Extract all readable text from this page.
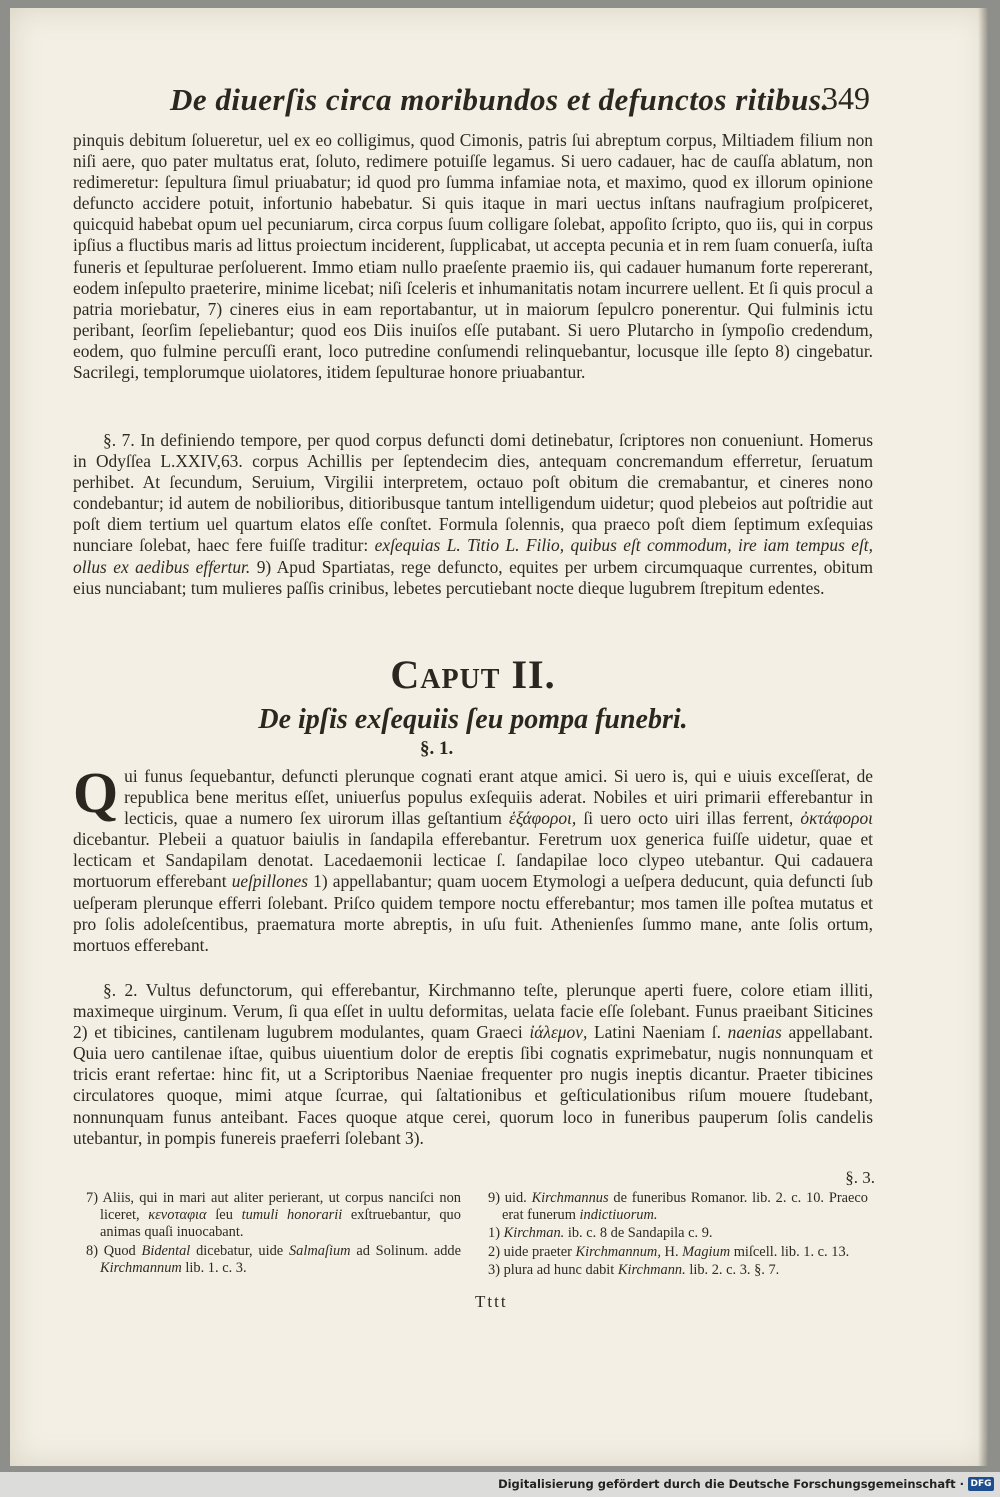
De diuerſis circa moribundos et defunctos ritibus.
349

pinquis debitum ſolueretur, uel ex eo colligimus, quod Cimonis, patris ſui abreptum corpus, Miltiadem filium non niſi aere, quo pater multatus erat, ſoluto, redimere potuiſſe legamus. Si uero cadauer, hac de cauſſa ablatum, non redimeretur: ſepultura ſimul priuabatur; id quod pro ſumma infamiae nota, et maximo, quod ex illorum opinione defuncto accidere potuit, infortunio habebatur. Si quis itaque in mari uectus inſtans naufragium proſpiceret, quicquid habebat opum uel pecuniarum, circa corpus ſuum colligare ſolebat, appoſito ſcripto, quo iis, qui in corpus ipſius a fluctibus maris ad littus proiectum inciderent, ſupplicabat, ut accepta pecunia et in rem ſuam conuerſa, iuſta funeris et ſepulturae perſoluerent. Immo etiam nullo praeſente praemio iis, qui cadauer humanum forte repererant, eodem inſepulto praeterire, minime licebat; niſi ſceleris et inhumanitatis notam incurrere uellent. Et ſi quis procul a patria moriebatur, 7) cineres eius in eam reportabantur, ut in maiorum ſepulcro ponerentur. Qui fulminis ictu peribant, ſeorſim ſepeliebantur; quod eos Diis inuiſos eſſe putabant. Si uero Plutarcho in ſympoſio credendum, eodem, quo fulmine percuſſi erant, loco putredine conſumendi relinquebantur, locusque ille ſepto 8) cingebatur. Sacrilegi, templorumque uiolatores, itidem ſepulturae honore priuabantur.

§. 7. In definiendo tempore, per quod corpus defuncti domi detinebatur, ſcriptores non conueniunt. Homerus in Odyſſea L.XXIV,63. corpus Achillis per ſeptendecim dies, antequam concremandum efferretur, ſeruatum perhibet. At ſecundum, Seruium, Virgilii interpretem, octauo poſt obitum die cremabantur, et cineres nono condebantur; id autem de nobilioribus, ditioribusque tantum intelligendum uidetur; quod plebeios aut poſtridie aut poſt diem tertium uel quartum elatos eſſe conſtet. Formula ſolennis, qua praeco poſt diem ſeptimum exſequias nunciare ſolebat, haec fere fuiſſe traditur: exſequias L. Titio L. Filio, quibus eſt commodum, ire iam tempus eſt, ollus ex aedibus effertur. 9) Apud Spartiatas, rege defuncto, equites per urbem circumquaque currentes, obitum eius nunciabant; tum mulieres paſſis crinibus, lebetes percutiebant nocte dieque lugubrem ſtrepitum edentes.

Caput II.
De ipſis exſequiis ſeu pompa funebri.
§. 1.
Q ui funus ſequebantur, defuncti plerunque cognati erant atque amici. Si uero is, qui e uiuis exceſſerat, de republica bene meritus eſſet, uniuerſus populus exſequiis aderat. Nobiles et uiri primarii efferebantur in lecticis, quae a numero ſex uirorum illas geſtantium ἑξάφοροι, ſi uero octo uiri illas ferrent, ὀκτάφοροι dicebantur. Plebeii a quatuor baiulis in ſandapila efferebantur. Feretrum uox generica fuiſſe uidetur, quae et lecticam et Sandapilam denotat. Lacedaemonii lecticae ſ. ſandapilae loco clypeo utebantur. Qui cadauera mortuorum efferebant ueſpillones 1) appellabantur; quam uocem Etymologi a ueſpera deducunt, quia defuncti ſub ueſperam plerunque efferri ſolebant. Priſco quidem tempore noctu efferebantur; mos tamen ille poſtea mutatus et pro ſolis adoleſcentibus, praematura morte abreptis, in uſu fuit. Athenienſes ſummo mane, ante ſolis ortum, mortuos efferebant.

§. 2. Vultus defunctorum, qui efferebantur, Kirchmanno teſte, plerunque aperti fuere, colore etiam illiti, maximeque uirginum. Verum, ſi qua eſſet in uultu deformitas, uelata facie eſſe ſolebant. Funus praeibant Siticines 2) et tibicines, cantilenam lugubrem modulantes, quam Graeci ἰάλεμον, Latini Naeniam ſ. naenias appellabant. Quia uero cantilenae iſtae, quibus uiuentium dolor de ereptis ſibi cognatis exprimebatur, nugis nonnunquam et tricis erant refertae: hinc fit, ut a Scriptoribus Naeniae frequenter pro nugis ineptis dicantur. Praeter tibicines circulatores quoque, mimi atque ſcurrae, qui ſaltationibus et geſticulationibus riſum mouere ſtudebant, nonnunquam funus anteibant. Faces quoque atque cerei, quorum loco in funeribus pauperum ſolis candelis utebantur, in pompis funereis praeferri ſolebant 3).

§. 3.

7) Aliis, qui in mari aut aliter perierant, ut corpus nanciſci non liceret, κενοταφια ſeu tumuli honorarii exſtruebantur, quo animas quaſi inuocabant.

8) Quod Bidental dicebatur, uide Salmaſium ad Solinum. adde Kirchmannum lib. 1. c. 3.

9) uid. Kirchmannus de funeribus Romanor. lib. 2. c. 10. Praeco erat funerum indictiuorum.

1) Kirchman. ib. c. 8 de Sandapila c. 9.

2) uide praeter Kirchmannum, H. Magium miſcell. lib. 1. c. 13.

3) plura ad hunc dabit Kirchmann. lib. 2. c. 3. §. 7.

Tttt
Digitalisierung gefördert durch die Deutsche Forschungsgemeinschaft · DFG
